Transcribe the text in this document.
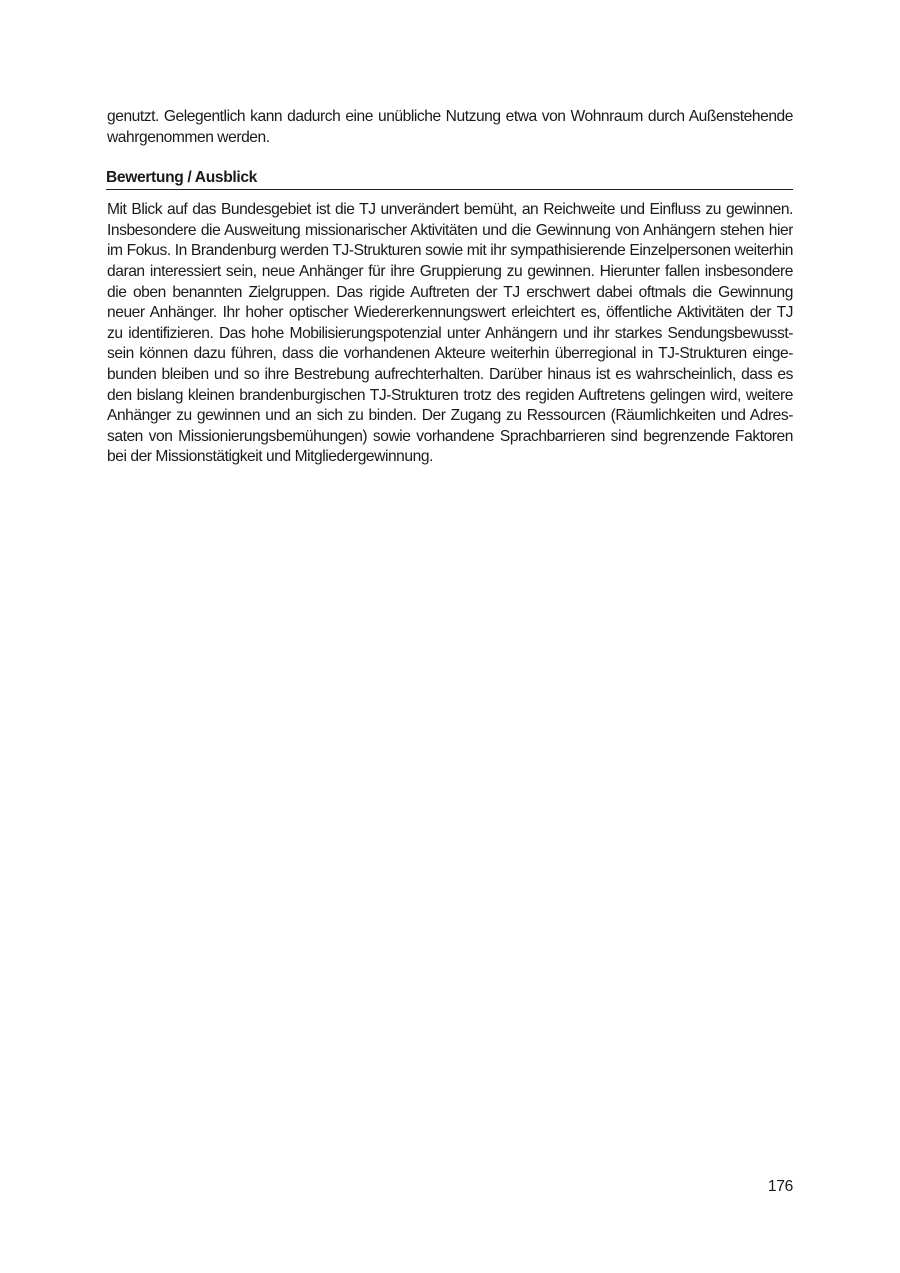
genutzt. Gelegentlich kann dadurch eine unübliche Nutzung etwa von Wohnraum durch Außenstehende
wahrgenommen werden.

Bewertung / Ausblick

Mit Blick auf das Bundesgebiet ist die TJ unverändert bemüht, an Reichweite und Einfluss zu gewinnen.
Insbesondere die Ausweitung missionarischer Aktivitäten und die Gewinnung von Anhängern stehen hier
im Fokus. In Brandenburg werden TJ-Strukturen sowie mit ihr sympathisierende Einzelpersonen weiterhin
daran interessiert sein, neue Anhänger für ihre Gruppierung zu gewinnen. Hierunter fallen insbesondere
die oben benannten Zielgruppen. Das rigide Auftreten der TJ erschwert dabei oftmals die Gewinnung
neuer Anhänger. Ihr hoher optischer Wiedererkennungswert erleichtert es, öffentliche Aktivitäten der TJ
zu identifizieren. Das hohe Mobilisierungspotenzial unter Anhängern und ihr starkes Sendungsbewusst-
sein können dazu führen, dass die vorhandenen Akteure weiterhin überregional in TJ-Strukturen einge-
bunden bleiben und so ihre Bestrebung aufrechterhalten. Darüber hinaus ist es wahrscheinlich, dass es
den bislang kleinen brandenburgischen TJ-Strukturen trotz des regiden Auftretens gelingen wird, weitere
Anhänger zu gewinnen und an sich zu binden. Der Zugang zu Ressourcen (Räumlichkeiten und Adres-
saten von Missionierungsbemühungen) sowie vorhandene Sprachbarrieren sind begrenzende Faktoren
bei der Missionstätigkeit und Mitgliedergewinnung.

176
